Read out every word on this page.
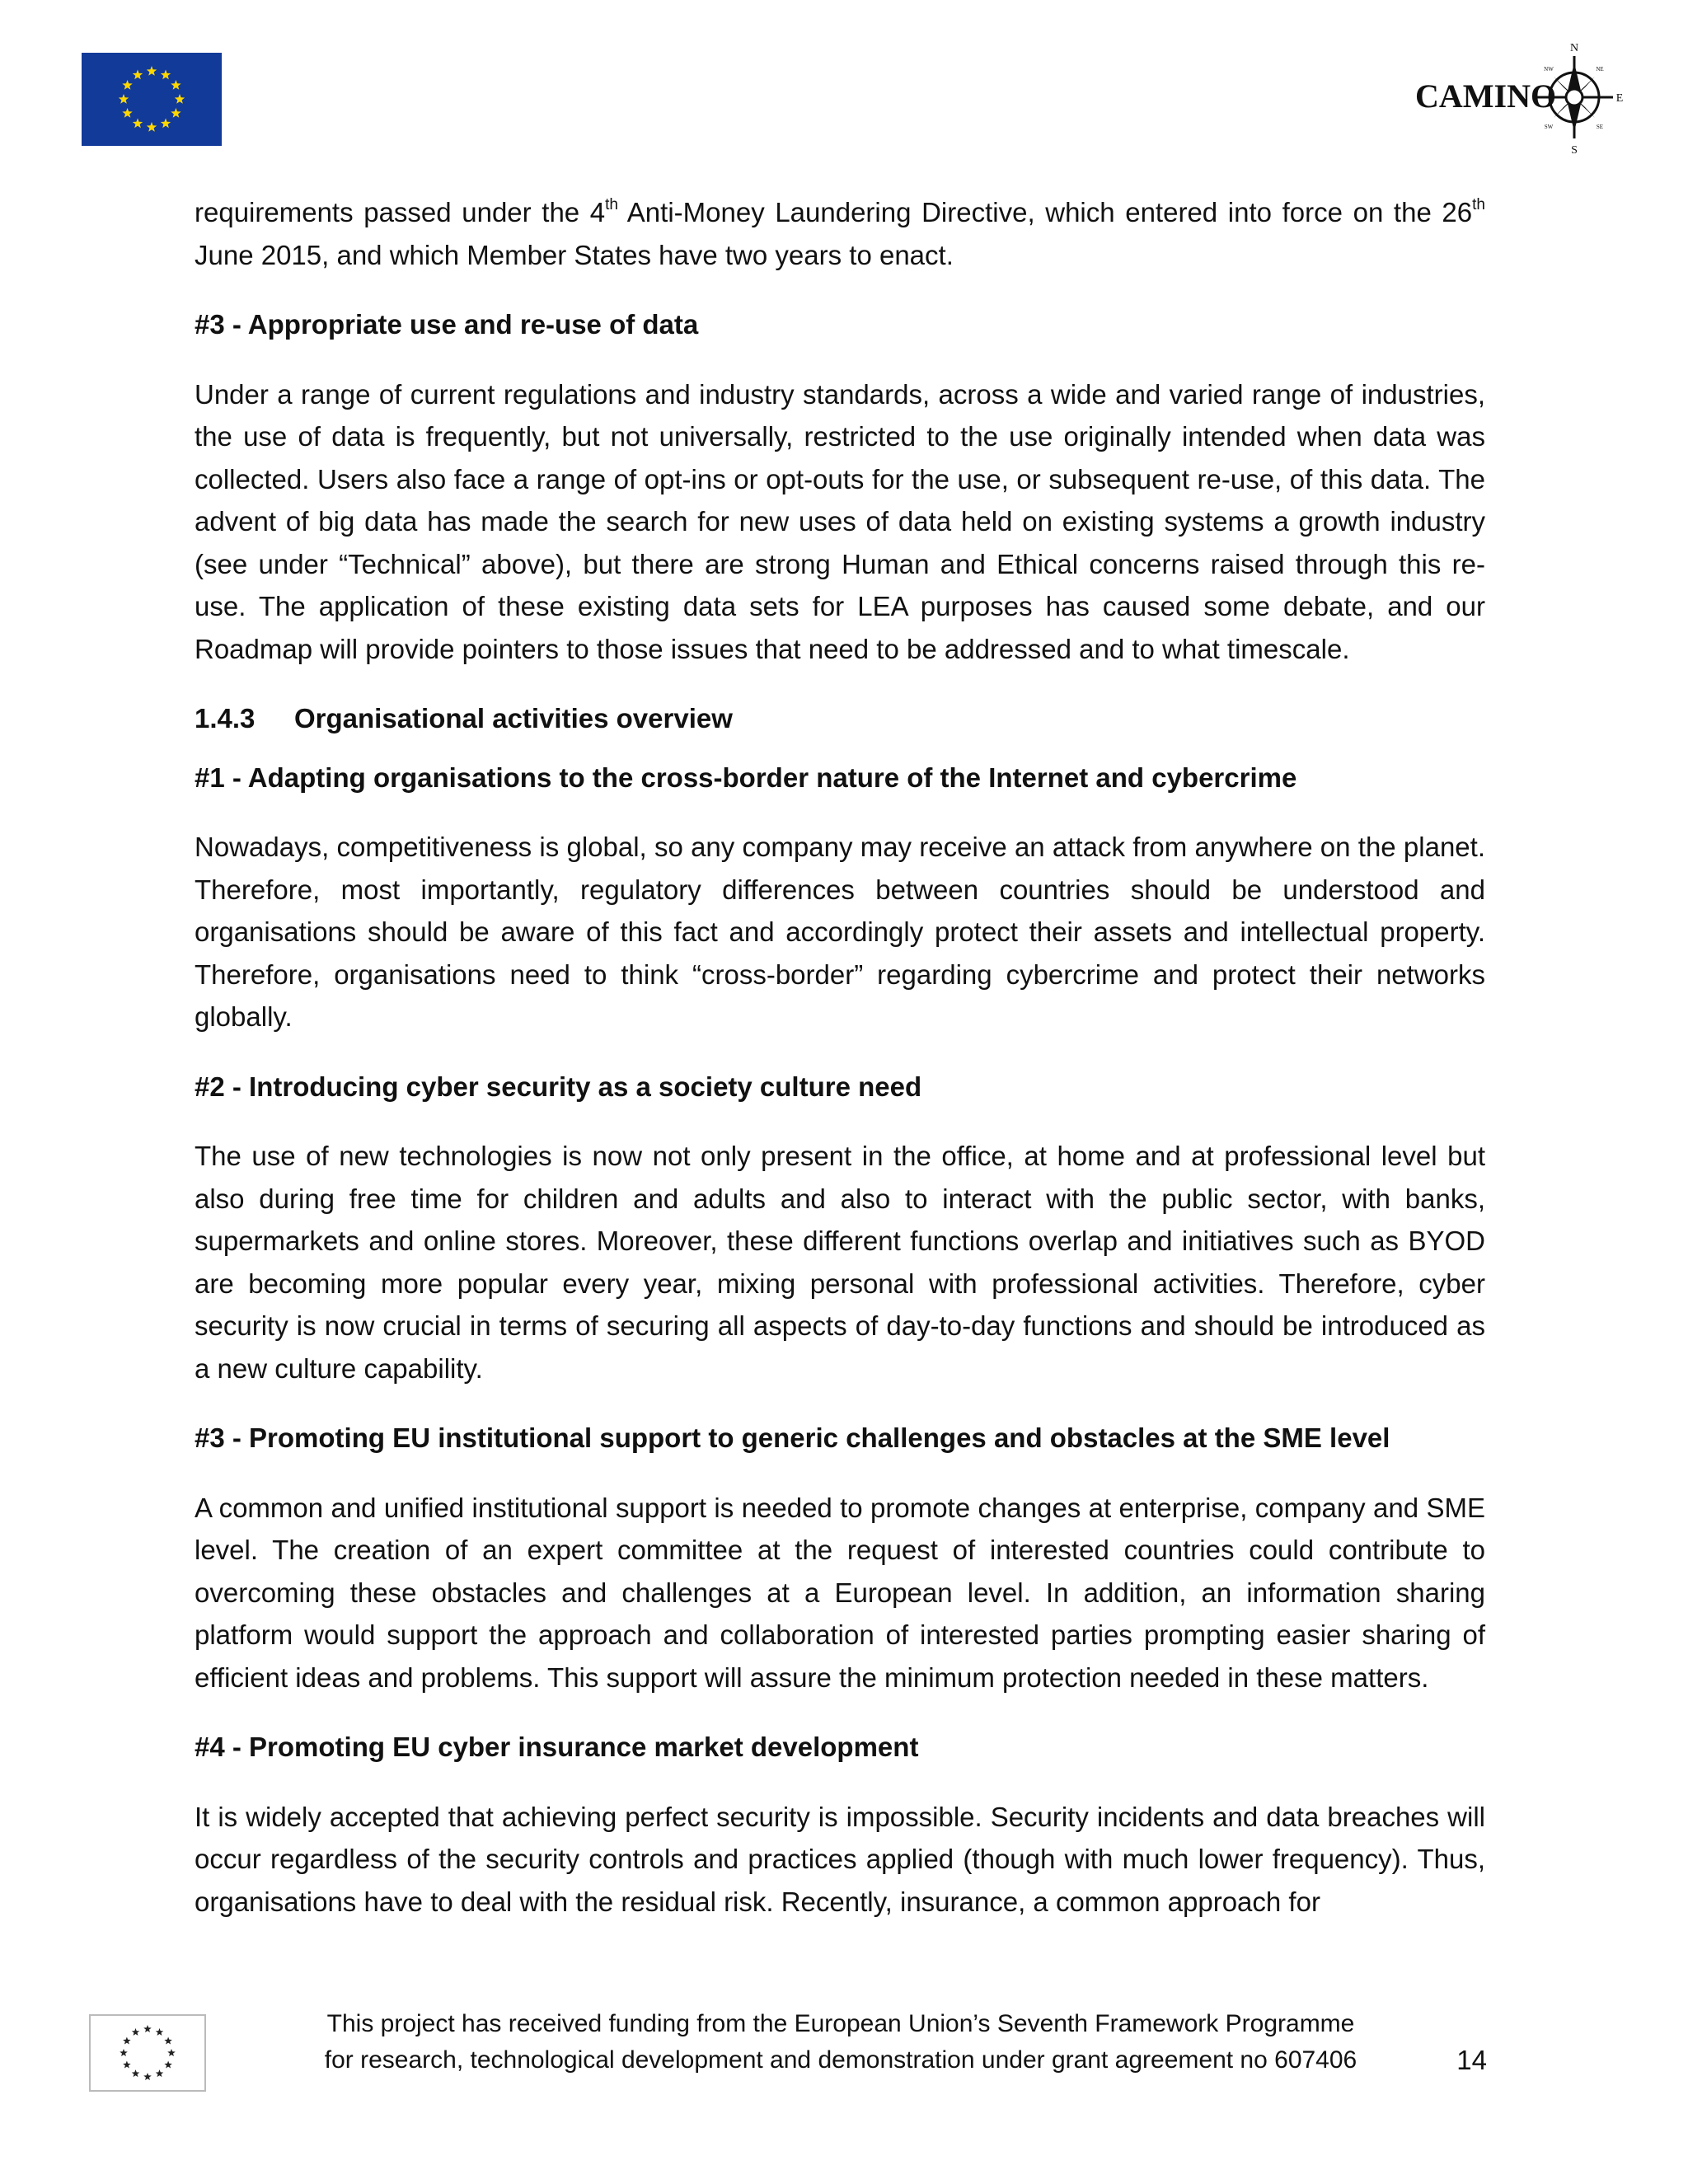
CAMINO
N
S
E
NW	NE
SW	SE

requirements passed under the 4th Anti-Money Laundering Directive, which entered into force on the 26th June 2015, and which Member States have two years to enact.

#3 - Appropriate use and re-use of data

Under a range of current regulations and industry standards, across a wide and varied range of industries, the use of data is frequently, but not universally, restricted to the use originally intended when data was collected. Users also face a range of opt-ins or opt-outs for the use, or subsequent re-use, of this data. The advent of big data has made the search for new uses of data held on existing systems a growth industry (see under “Technical” above), but there are strong Human and Ethical concerns raised through this re-use. The application of these existing data sets for LEA purposes has caused some debate, and our Roadmap will provide pointers to those issues that need to be addressed and to what timescale.

1.4.3 Organisational activities overview
#1 - Adapting organisations to the cross-border nature of the Internet and cybercrime

Nowadays, competitiveness is global, so any company may receive an attack from anywhere on the planet. Therefore, most importantly, regulatory differences between countries should be understood and organisations should be aware of this fact and accordingly protect their assets and intellectual property. Therefore, organisations need to think “cross-border” regarding cybercrime and protect their networks globally.

#2 - Introducing cyber security as a society culture need

The use of new technologies is now not only present in the office, at home and at professional level but also during free time for children and adults and also to interact with the public sector, with banks, supermarkets and online stores. Moreover, these different functions overlap and initiatives such as BYOD are becoming more popular every year, mixing personal with professional activities. Therefore, cyber security is now crucial in terms of securing all aspects of day-to-day functions and should be introduced as a new culture capability.

#3 - Promoting EU institutional support to generic challenges and obstacles at the SME level

A common and unified institutional support is needed to promote changes at enterprise, company and SME level. The creation of an expert committee at the request of interested countries could contribute to overcoming these obstacles and challenges at a European level. In addition, an information sharing platform would support the approach and collaboration of interested parties prompting easier sharing of efficient ideas and problems. This support will assure the minimum protection needed in these matters.

#4 - Promoting EU cyber insurance market development

It is widely accepted that achieving perfect security is impossible. Security incidents and data breaches will occur regardless of the security controls and practices applied (though with much lower frequency). Thus, organisations have to deal with the residual risk. Recently, insurance, a common approach for

This project has received funding from the European Union’s Seventh Framework Programme
for research, technological development and demonstration under grant agreement no 607406	14
